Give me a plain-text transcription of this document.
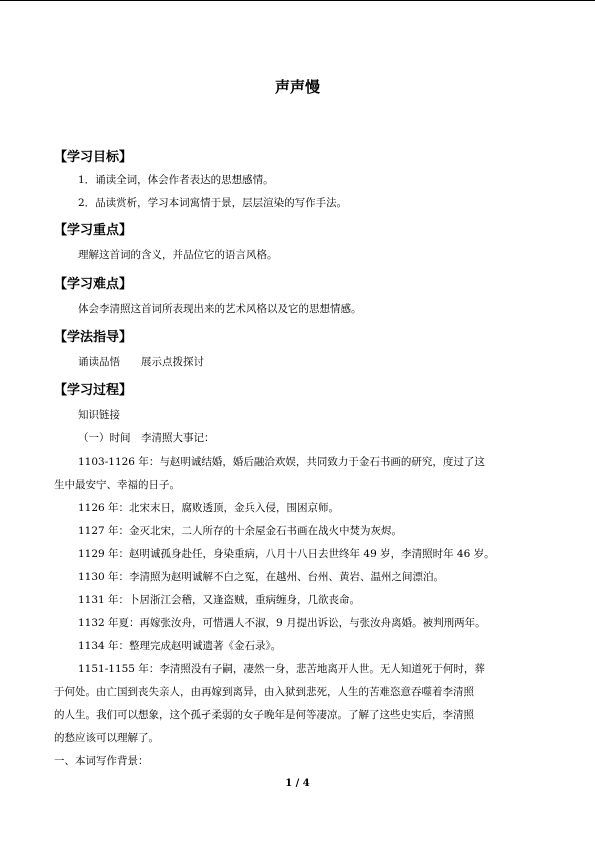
声声慢
【学习目标】
1．诵读全词，体会作者表达的思想感情。
2．品读赏析，学习本词寓情于景，层层渲染的写作手法。
【学习重点】
理解这首词的含义，并品位它的语言风格。
【学习难点】
体会李清照这首词所表现出来的艺术风格以及它的思想情感。
【学法指导】
诵读品悟　　展示点拨探讨
【学习过程】
知识链接
（一）时间　李清照大事记：
1103-1126 年：与赵明诚结婚，婚后融洽欢娱，共同致力于金石书画的研究，度过了这
生中最安宁、幸福的日子。
1126 年：北宋末日，腐败透顶，金兵入侵，围困京师。
1127 年：金灭北宋，二人所存的十余屋金石书画在战火中焚为灰烬。
1129 年：赵明诚孤身赴任，身染重病，八月十八日去世终年 49 岁，李清照时年 46 岁。
1130 年：李清照为赵明诚解不白之冤，在越州、台州、黄岩、温州之间漂泊。
1131 年：卜居浙江会稽，又逢盗贼，重病缠身，几欲丧命。
1132 年夏：再嫁张汝舟，可惜遇人不淑，9 月提出诉讼，与张汝舟离婚。被判刑两年。
1134 年：整理完成赵明诚遗著《金石录》。
1151-1155 年：李清照没有子嗣，凄然一身，悲苦地离开人世。无人知道死于何时，葬
于何处。由亡国到丧失亲人，由再嫁到离异，由入狱到悲死，人生的苦难恣意吞噬着李清照
的人生。我们可以想象，这个孤孑柔弱的女子晚年是何等凄凉。了解了这些史实后，李清照
的愁应该可以理解了。
一、本词写作背景：
1 / 4
